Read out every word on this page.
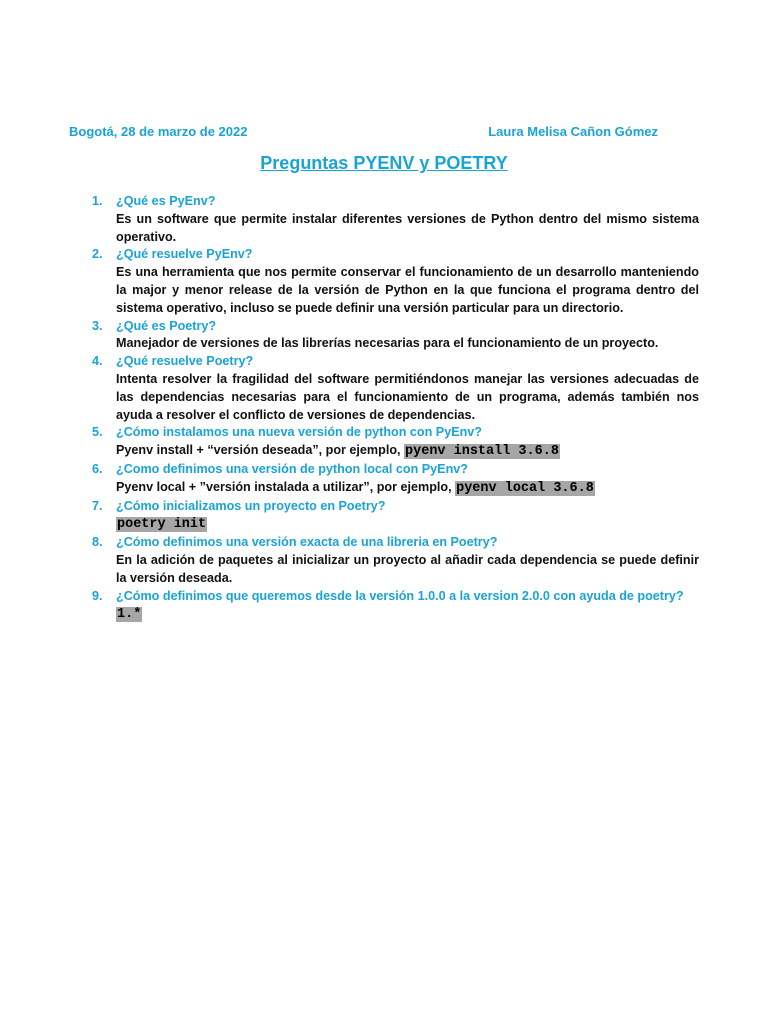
Bogotá, 28 de marzo de 2022	Laura Melisa Cañon Gómez
Preguntas PYENV y POETRY
1.	¿Qué es PyEnv?
Es un software que permite instalar diferentes versiones de Python dentro del mismo sistema operativo.
2.	¿Qué resuelve PyEnv?
Es una herramienta que nos permite conservar el funcionamiento de un desarrollo manteniendo la major y menor release de la versión de Python en la que funciona el programa dentro del sistema operativo, incluso se puede definir una versión particular para un directorio.
3.	¿Qué es Poetry?
Manejador de versiones de las librerías necesarias para el funcionamiento de un proyecto.
4.	¿Qué resuelve Poetry?
Intenta resolver la fragilidad del software permitiéndonos manejar las versiones adecuadas de las dependencias necesarias para el funcionamiento de un programa, además también nos ayuda a resolver el conflicto de versiones de dependencias.
5.	¿Cómo instalamos una nueva versión de python con PyEnv?
Pyenv install + “versión deseada”, por ejemplo, pyenv install 3.6.8
6.	¿Como definimos una versión de python local con PyEnv?
Pyenv local + ”versión instalada a utilizar”, por ejemplo, pyenv local 3.6.8
7.	¿Cómo inicializamos un proyecto en Poetry?
poetry init
8.	¿Cómo definimos una versión exacta de una libreria en Poetry?
En la adición de paquetes al inicializar un proyecto al añadir cada dependencia se puede definir la versión deseada.
9.	¿Cómo definimos que queremos desde la versión 1.0.0 a la version 2.0.0 con ayuda de poetry?
1.*
